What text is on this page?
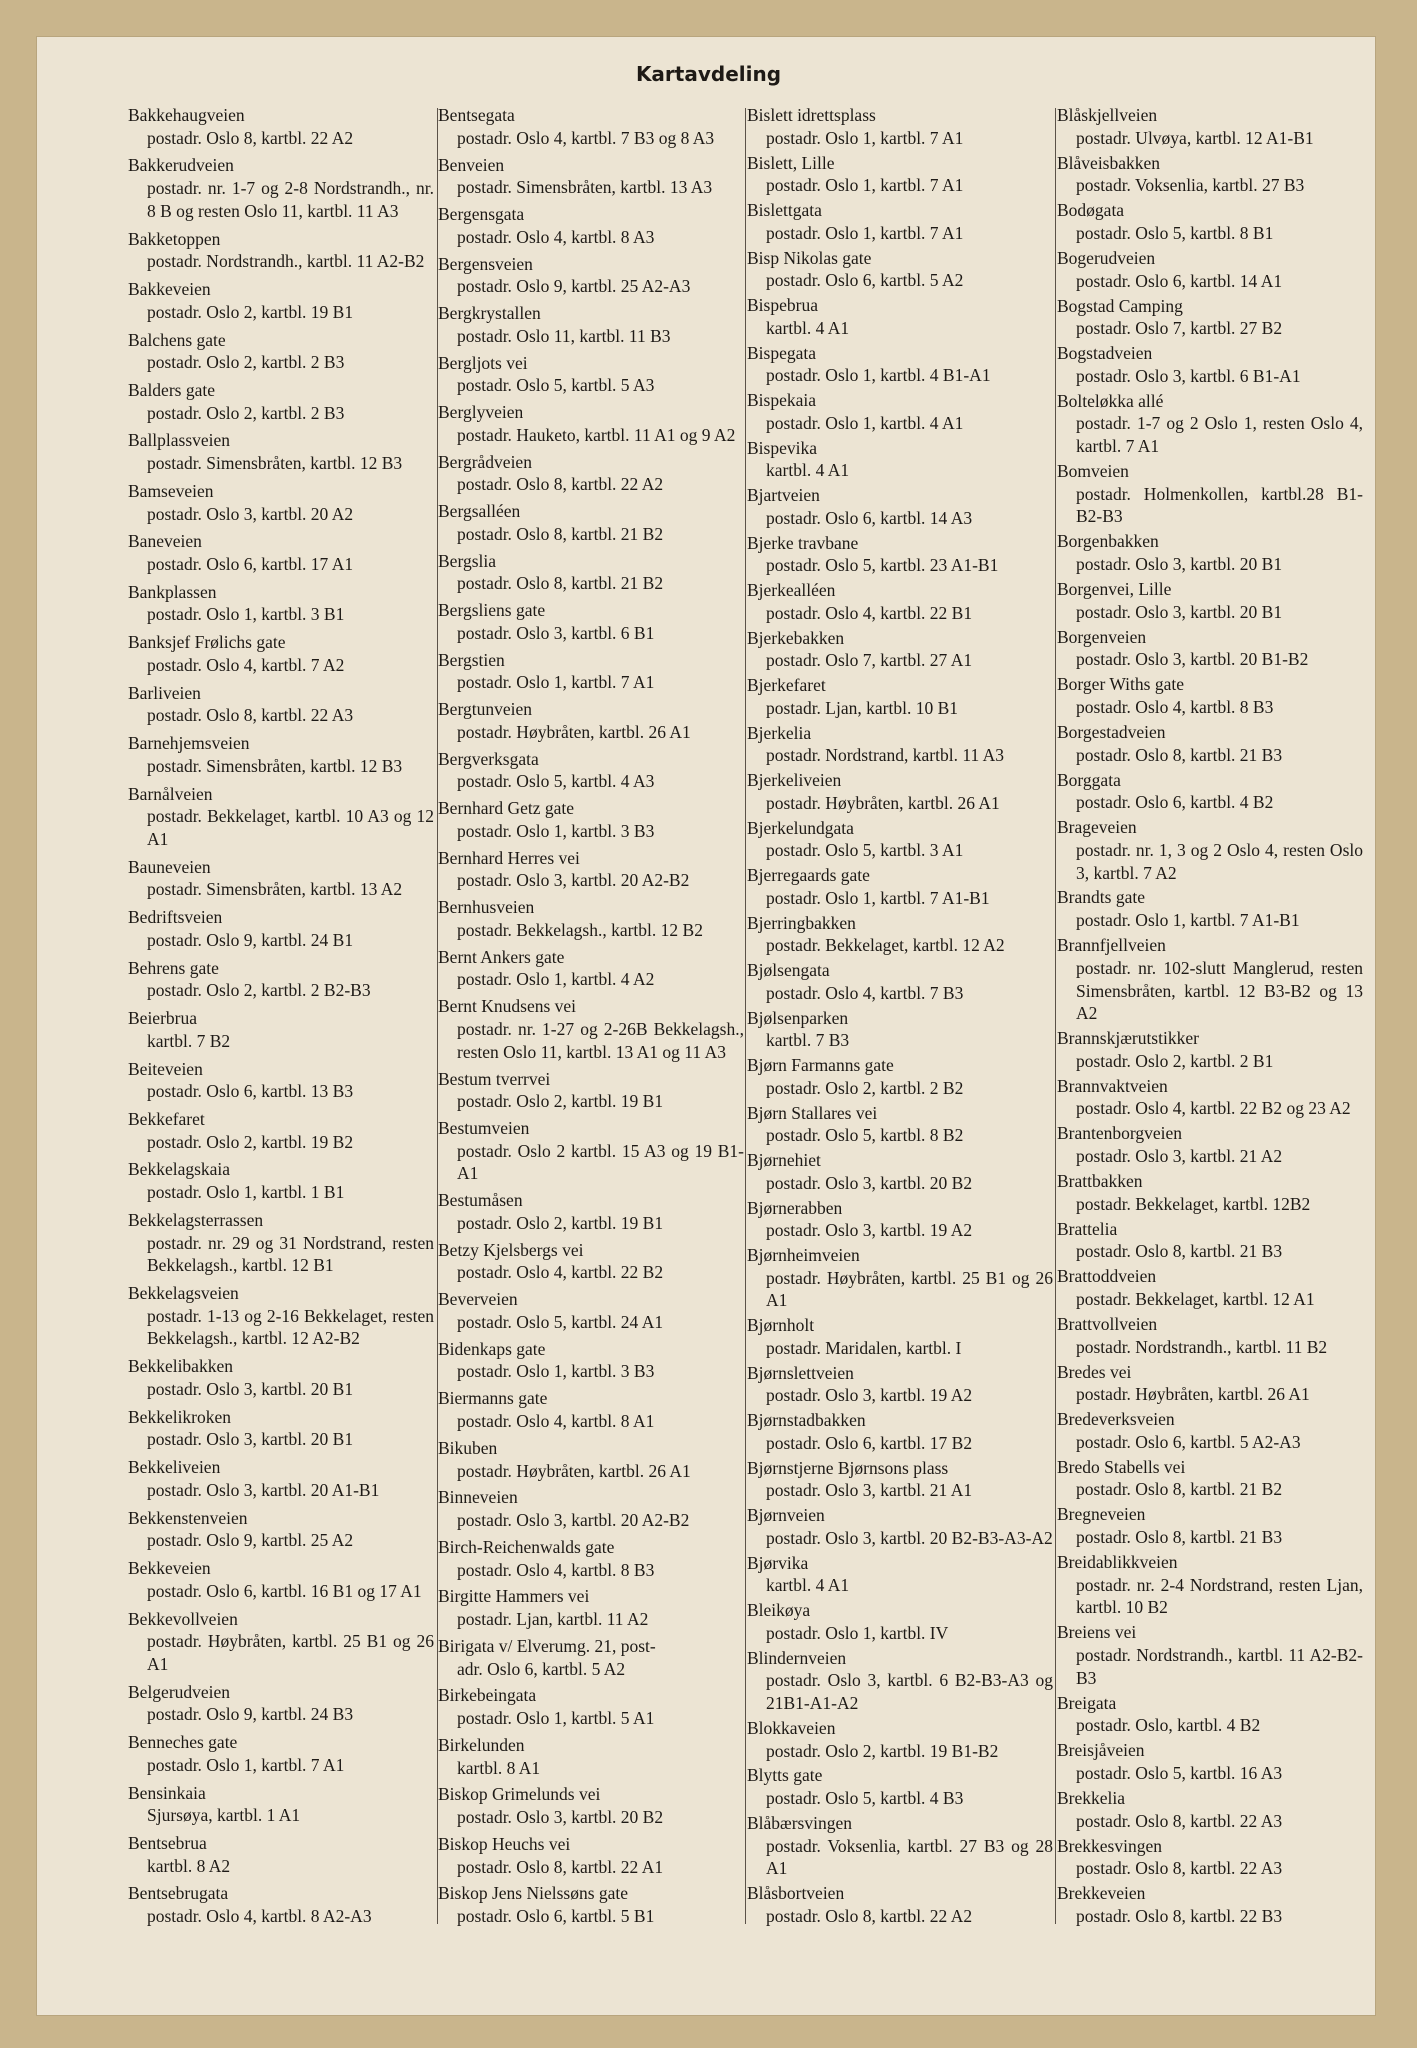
Kartavdeling
Bakkehaugveien
postadr. Oslo 8, kartbl. 22 A2
Bakkerudveien
postadr. nr. 1-7 og 2-8 Nordstrandh., nr. 8 B og resten Oslo 11, kartbl. 11 A3
Bakketoppen
postadr. Nordstrandh., kartbl. 11 A2-B2
Bakkeveien
postadr. Oslo 2, kartbl. 19 B1
Balchens gate
postadr. Oslo 2, kartbl. 2 B3
Balders gate
postadr. Oslo 2, kartbl. 2 B3
Ballplassveien
postadr. Simensbråten, kartbl. 12 B3
Bamseveien
postadr. Oslo 3, kartbl. 20 A2
Baneveien
postadr. Oslo 6, kartbl. 17 A1
Bankplassen
postadr. Oslo 1, kartbl. 3 B1
Banksjef Frølichs gate
postadr. Oslo 4, kartbl. 7 A2
Barliveien
postadr. Oslo 8, kartbl. 22 A3
Barnehjemsveien
postadr. Simensbråten, kartbl. 12 B3
Barnålveien
postadr. Bekkelaget, kartbl. 10 A3 og 12 A1
Bauneveien
postadr. Simensbråten, kartbl. 13 A2
Bedriftsveien
postadr. Oslo 9, kartbl. 24 B1
Behrens gate
postadr. Oslo 2, kartbl. 2 B2-B3
Beierbrua
kartbl. 7 B2
Beiteveien
postadr. Oslo 6, kartbl. 13 B3
Bekkefaret
postadr. Oslo 2, kartbl. 19 B2
Bekkelagskaia
postadr. Oslo 1, kartbl. 1 B1
Bekkelagsterrassen
postadr. nr. 29 og 31 Nordstrand, resten Bekkelagsh., kartbl. 12 B1
Bekkelagsveien
postadr. 1-13 og 2-16 Bekkelaget, resten Bekkelagsh., kartbl. 12 A2-B2
Bekkelibakken
postadr. Oslo 3, kartbl. 20 B1
Bekkelikroken
postadr. Oslo 3, kartbl. 20 B1
Bekkeliveien
postadr. Oslo 3, kartbl. 20 A1-B1
Bekkenstenveien
postadr. Oslo 9, kartbl. 25 A2
Bekkeveien
postadr. Oslo 6, kartbl. 16 B1 og 17 A1
Bekkevollveien
postadr. Høybråten, kartbl. 25 B1 og 26 A1
Belgerudveien
postadr. Oslo 9, kartbl. 24 B3
Benneches gate
postadr. Oslo 1, kartbl. 7 A1
Bensinkaia
Sjursøya, kartbl. 1 A1
Bentsebrua
kartbl. 8 A2
Bentsebrugata
postadr. Oslo 4, kartbl. 8 A2-A3
Bentsegata
postadr. Oslo 4, kartbl. 7 B3 og 8 A3
Benveien
postadr. Simensbråten, kartbl. 13 A3
Bergensgata
postadr. Oslo 4, kartbl. 8 A3
Bergensveien
postadr. Oslo 9, kartbl. 25 A2-A3
Bergkrystallen
postadr. Oslo 11, kartbl. 11 B3
Bergljots vei
postadr. Oslo 5, kartbl. 5 A3
Berglyveien
postadr. Hauketo, kartbl. 11 A1 og 9 A2
Bergrådveien
postadr. Oslo 8, kartbl. 22 A2
Bergsalléen
postadr. Oslo 8, kartbl. 21 B2
Bergslia
postadr. Oslo 8, kartbl. 21 B2
Bergsliens gate
postadr. Oslo 3, kartbl. 6 B1
Bergstien
postadr. Oslo 1, kartbl. 7 A1
Bergtunveien
postadr. Høybråten, kartbl. 26 A1
Bergverksgata
postadr. Oslo 5, kartbl. 4 A3
Bernhard Getz gate
postadr. Oslo 1, kartbl. 3 B3
Bernhard Herres vei
postadr. Oslo 3, kartbl. 20 A2-B2
Bernhusveien
postadr. Bekkelagsh., kartbl. 12 B2
Bernt Ankers gate
postadr. Oslo 1, kartbl. 4 A2
Bernt Knudsens vei
postadr. nr. 1-27 og 2-26B Bekkelagsh., resten Oslo 11, kartbl. 13 A1 og 11 A3
Bestum tverrvei
postadr. Oslo 2, kartbl. 19 B1
Bestumveien
postadr. Oslo 2 kartbl. 15 A3 og 19 B1-A1
Bestumåsen
postadr. Oslo 2, kartbl. 19 B1
Betzy Kjelsbergs vei
postadr. Oslo 4, kartbl. 22 B2
Beverveien
postadr. Oslo 5, kartbl. 24 A1
Bidenkaps gate
postadr. Oslo 1, kartbl. 3 B3
Biermanns gate
postadr. Oslo 4, kartbl. 8 A1
Bikuben
postadr. Høybråten, kartbl. 26 A1
Binneveien
postadr. Oslo 3, kartbl. 20 A2-B2
Birch-Reichenwalds gate
postadr. Oslo 4, kartbl. 8 B3
Birgitte Hammers vei
postadr. Ljan, kartbl. 11 A2
Birigata v/ Elverumg. 21, post-
adr. Oslo 6, kartbl. 5 A2
Birkebeingata
postadr. Oslo 1, kartbl. 5 A1
Birkelunden
kartbl. 8 A1
Biskop Grimelunds vei
postadr. Oslo 3, kartbl. 20 B2
Biskop Heuchs vei
postadr. Oslo 8, kartbl. 22 A1
Biskop Jens Nielssøns gate
postadr. Oslo 6, kartbl. 5 B1
Bislett idrettsplass
postadr. Oslo 1, kartbl. 7 A1
Bislett, Lille
postadr. Oslo 1, kartbl. 7 A1
Bislettgata
postadr. Oslo 1, kartbl. 7 A1
Bisp Nikolas gate
postadr. Oslo 6, kartbl. 5 A2
Bispebrua
kartbl. 4 A1
Bispegata
postadr. Oslo 1, kartbl. 4 B1-A1
Bispekaia
postadr. Oslo 1, kartbl. 4 A1
Bispevika
kartbl. 4 A1
Bjartveien
postadr. Oslo 6, kartbl. 14 A3
Bjerke travbane
postadr. Oslo 5, kartbl. 23 A1-B1
Bjerkealléen
postadr. Oslo 4, kartbl. 22 B1
Bjerkebakken
postadr. Oslo 7, kartbl. 27 A1
Bjerkefaret
postadr. Ljan, kartbl. 10 B1
Bjerkelia
postadr. Nordstrand, kartbl. 11 A3
Bjerkeliveien
postadr. Høybråten, kartbl. 26 A1
Bjerkelundgata
postadr. Oslo 5, kartbl. 3 A1
Bjerregaards gate
postadr. Oslo 1, kartbl. 7 A1-B1
Bjerringbakken
postadr. Bekkelaget, kartbl. 12 A2
Bjølsengata
postadr. Oslo 4, kartbl. 7 B3
Bjølsenparken
kartbl. 7 B3
Bjørn Farmanns gate
postadr. Oslo 2, kartbl. 2 B2
Bjørn Stallares vei
postadr. Oslo 5, kartbl. 8 B2
Bjørnehiet
postadr. Oslo 3, kartbl. 20 B2
Bjørnerabben
postadr. Oslo 3, kartbl. 19 A2
Bjørnheimveien
postadr. Høybråten, kartbl. 25 B1 og 26 A1
Bjørnholt
postadr. Maridalen, kartbl. I
Bjørnslettveien
postadr. Oslo 3, kartbl. 19 A2
Bjørnstadbakken
postadr. Oslo 6, kartbl. 17 B2
Bjørnstjerne Bjørnsons plass
postadr. Oslo 3, kartbl. 21 A1
Bjørnveien
postadr. Oslo 3, kartbl. 20 B2-B3-A3-A2
Bjørvika
kartbl. 4 A1
Bleikøya
postadr. Oslo 1, kartbl. IV
Blindernveien
postadr. Oslo 3, kartbl. 6 B2-B3-A3 og 21B1-A1-A2
Blokkaveien
postadr. Oslo 2, kartbl. 19 B1-B2
Blytts gate
postadr. Oslo 5, kartbl. 4 B3
Blåbærsvingen
postadr. Voksenlia, kartbl. 27 B3 og 28 A1
Blåsbortveien
postadr. Oslo 8, kartbl. 22 A2
Blåskjellveien
postadr. Ulvøya, kartbl. 12 A1-B1
Blåveisbakken
postadr. Voksenlia, kartbl. 27 B3
Bodøgata
postadr. Oslo 5, kartbl. 8 B1
Bogerudveien
postadr. Oslo 6, kartbl. 14 A1
Bogstad Camping
postadr. Oslo 7, kartbl. 27 B2
Bogstadveien
postadr. Oslo 3, kartbl. 6 B1-A1
Bolteløkka allé
postadr. 1-7 og 2 Oslo 1, resten Oslo 4, kartbl. 7 A1
Bomveien
postadr. Holmenkollen, kartbl.28 B1-B2-B3
Borgenbakken
postadr. Oslo 3, kartbl. 20 B1
Borgenvei, Lille
postadr. Oslo 3, kartbl. 20 B1
Borgenveien
postadr. Oslo 3, kartbl. 20 B1-B2
Borger Withs gate
postadr. Oslo 4, kartbl. 8 B3
Borgestadveien
postadr. Oslo 8, kartbl. 21 B3
Borggata
postadr. Oslo 6, kartbl. 4 B2
Brageveien
postadr. nr. 1, 3 og 2 Oslo 4, resten Oslo 3, kartbl. 7 A2
Brandts gate
postadr. Oslo 1, kartbl. 7 A1-B1
Brannfjellveien
postadr. nr. 102-slutt Manglerud, resten Simensbråten, kartbl. 12 B3-B2 og 13 A2
Brannskjærutstikker
postadr. Oslo 2, kartbl. 2 B1
Brannvaktveien
postadr. Oslo 4, kartbl. 22 B2 og 23 A2
Brantenborgveien
postadr. Oslo 3, kartbl. 21 A2
Brattbakken
postadr. Bekkelaget, kartbl. 12B2
Brattelia
postadr. Oslo 8, kartbl. 21 B3
Brattoddveien
postadr. Bekkelaget, kartbl. 12 A1
Brattvollveien
postadr. Nordstrandh., kartbl. 11 B2
Bredes vei
postadr. Høybråten, kartbl. 26 A1
Bredeverksveien
postadr. Oslo 6, kartbl. 5 A2-A3
Bredo Stabells vei
postadr. Oslo 8, kartbl. 21 B2
Bregneveien
postadr. Oslo 8, kartbl. 21 B3
Breidablikkveien
postadr. nr. 2-4 Nordstrand, resten Ljan, kartbl. 10 B2
Breiens vei
postadr. Nordstrandh., kartbl. 11 A2-B2-B3
Breigata
postadr. Oslo, kartbl. 4 B2
Breisjåveien
postadr. Oslo 5, kartbl. 16 A3
Brekkelia
postadr. Oslo 8, kartbl. 22 A3
Brekkesvingen
postadr. Oslo 8, kartbl. 22 A3
Brekkeveien
postadr. Oslo 8, kartbl. 22 B3
